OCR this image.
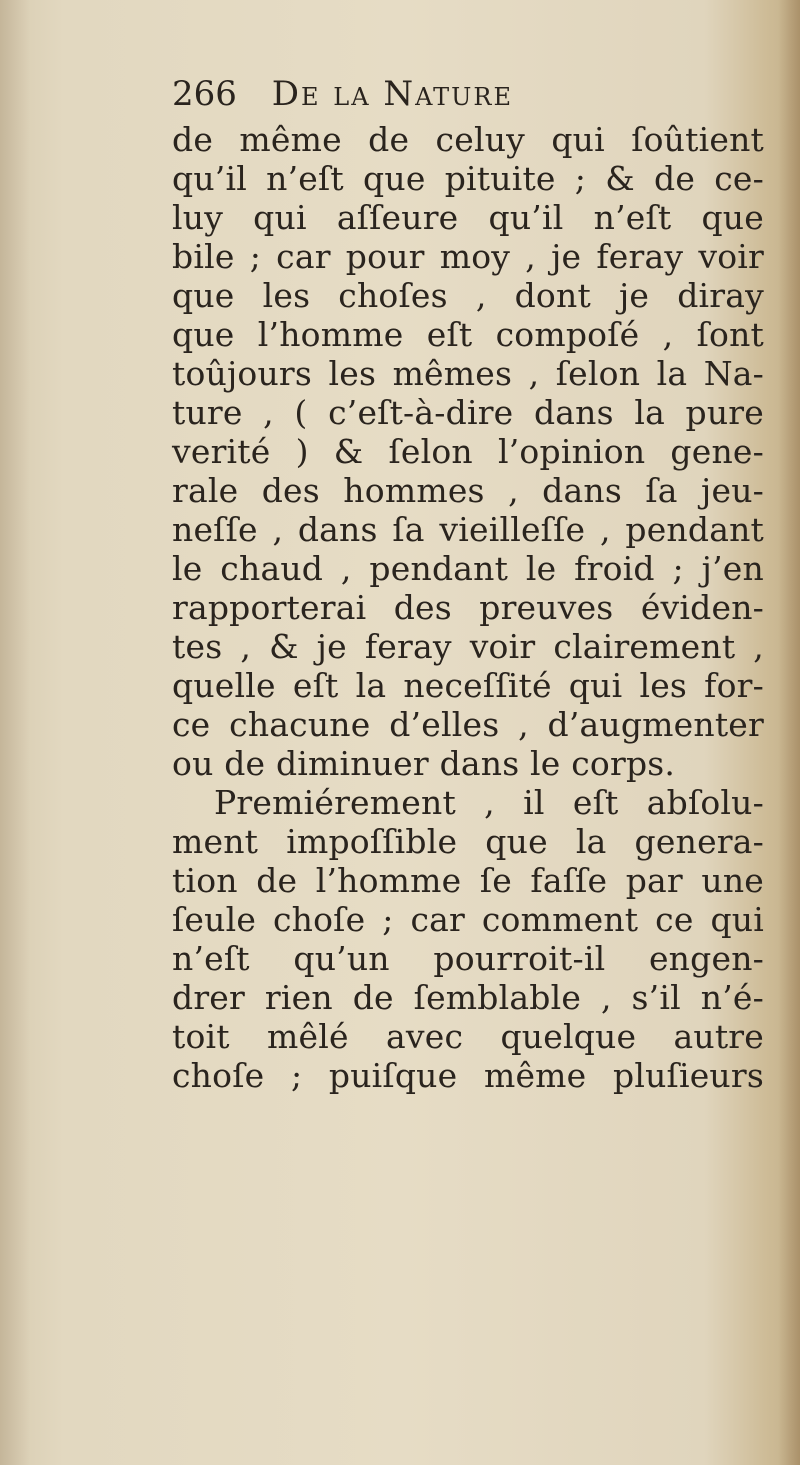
266 De la Nature
de même de celuy qui ſoûtient
qu’il n’eſt que pituite ; & de ce-
luy qui aſſeure qu’il n’eſt que
bile ; car pour moy , je feray voir
que les choſes , dont je diray
que l’homme eſt compoſé , ſont
toûjours les mêmes , ſelon la Na-
ture , ( c’eſt-à-dire dans la pure
verité ) & ſelon l’opinion gene-
rale des hommes , dans ſa jeu-
neſſe , dans ſa vieilleſſe , pendant
le chaud , pendant le froid ; j’en
rapporterai des preuves éviden-
tes , & je feray voir clairement ,
quelle eſt la neceſſité qui les for-
ce chacune d’elles , d’augmenter
ou de diminuer dans le corps.
Premiérement , il eſt abſolu-
ment impoſſible que la genera-
tion de l’homme ſe faſſe par une
ſeule choſe ; car comment ce qui
n’eſt qu’un pourroit-il engen-
drer rien de ſemblable , s’il n’é-
toit mêlé avec quelque autre
choſe ; puiſque même pluſieurs
